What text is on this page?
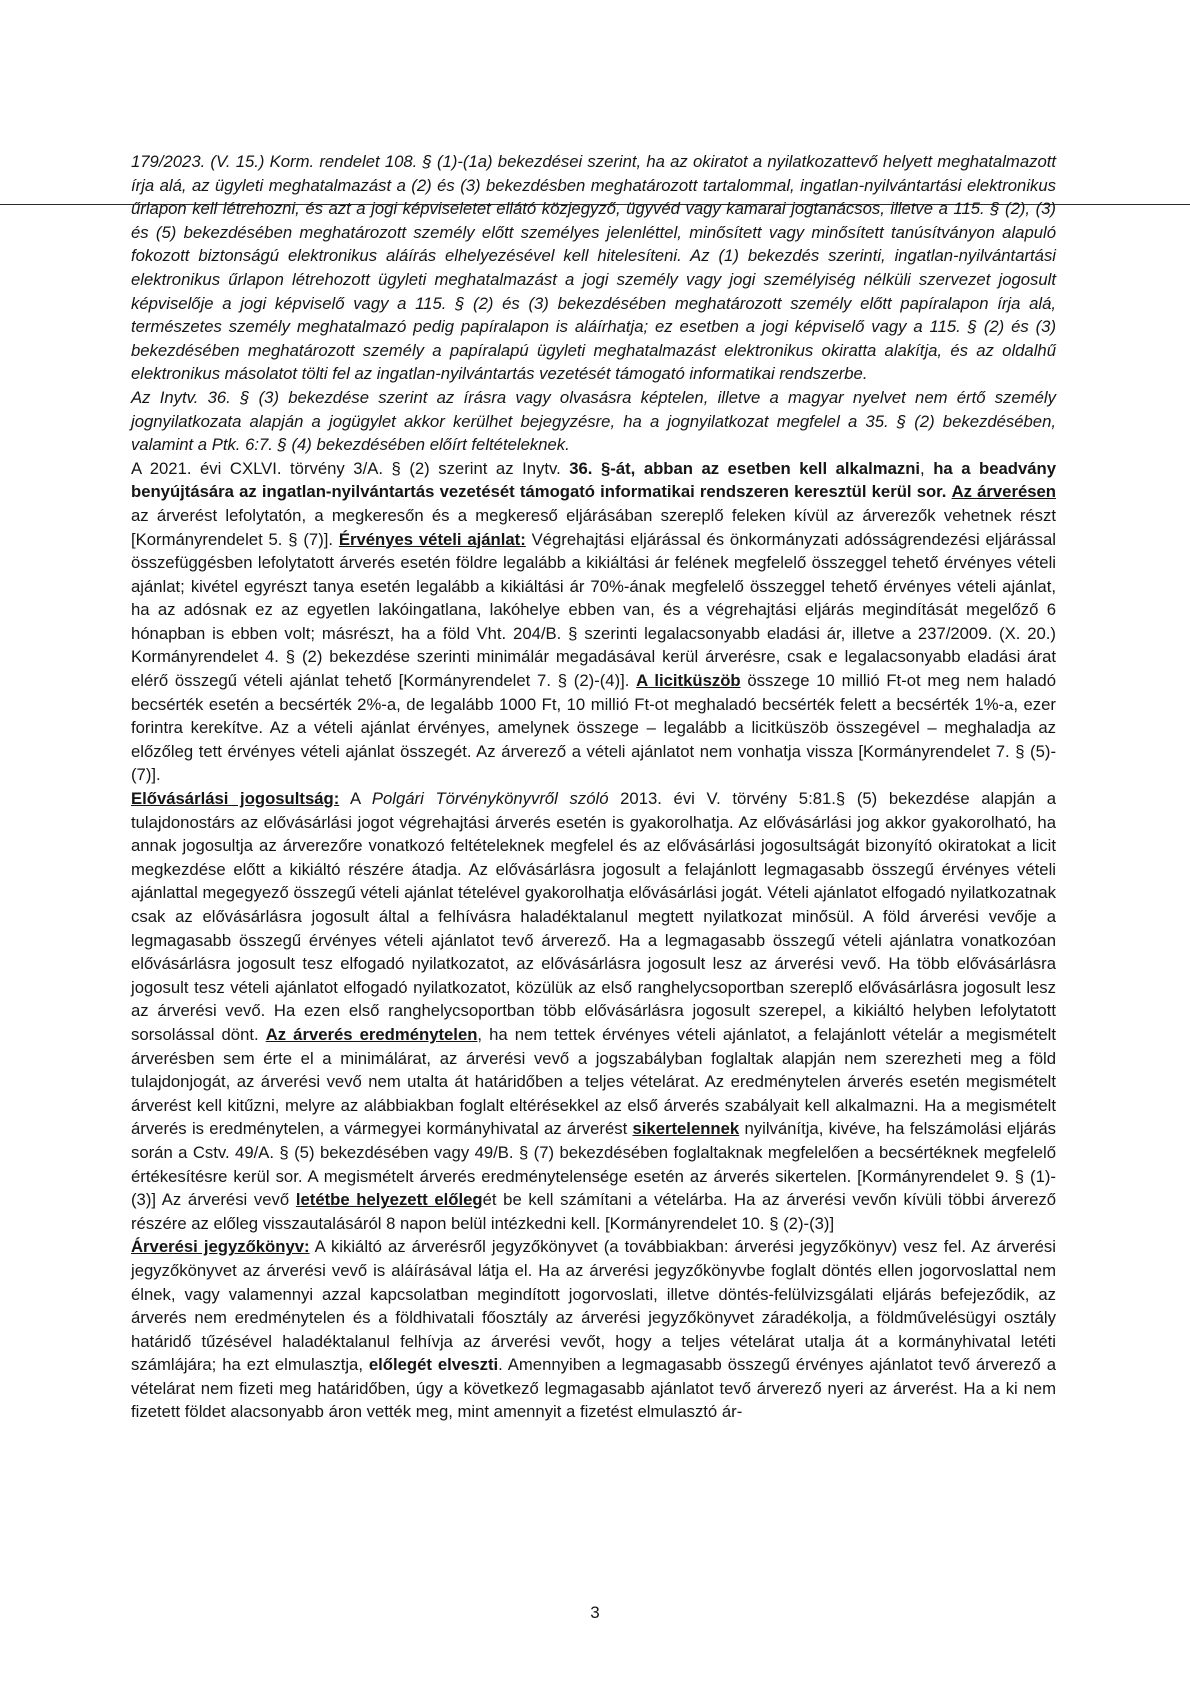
179/2023. (V. 15.) Korm. rendelet 108. § (1)-(1a) bekezdései szerint, ha az okiratot a nyilatkozattevő helyett meghatalmazott írja alá, az ügyleti meghatalmazást a (2) és (3) bekezdésben meghatározott tartalommal, ingatlan-nyilvántartási elektronikus űrlapon kell létrehozni, és azt a jogi képviseletet ellátó közjegyző, ügyvéd vagy kamarai jogtanácsos, illetve a 115. § (2), (3) és (5) bekezdésében meghatározott személy előtt személyes jelenléttel, minősített vagy minősített tanúsítványon alapuló fokozott biztonságú elektronikus aláírás elhelyezésével kell hitelesíteni. Az (1) bekezdés szerinti, ingatlan-nyilvántartási elektronikus űrlapon létrehozott ügyleti meghatalmazást a jogi személy vagy jogi személyiség nélküli szervezet jogosult képviselője a jogi képviselő vagy a 115. § (2) és (3) bekezdésében meghatározott személy előtt papíralapon írja alá, természetes személy meghatalmazó pedig papíralapon is aláírhatja; ez esetben a jogi képviselő vagy a 115. § (2) és (3) bekezdésében meghatározott személy a papíralapú ügyleti meghatalmazást elektronikus okiratta alakítja, és az oldalhű elektronikus másolatot tölti fel az ingatlan-nyilvántartás vezetését támogató informatikai rendszerbe.

Az Inytv. 36. § (3) bekezdése szerint az írásra vagy olvasásra képtelen, illetve a magyar nyelvet nem értő személy jognyilatkozata alapján a jogügylet akkor kerülhet bejegyzésre, ha a jognyilatkozat megfelel a 35. § (2) bekezdésében, valamint a Ptk. 6:7. § (4) bekezdésében előírt feltételeknek.

A 2021. évi CXLVI. törvény 3/A. § (2) szerint az Inytv. 36. §-át, abban az esetben kell alkalmazni, ha a beadvány benyújtására az ingatlan-nyilvántartás vezetését támogató informatikai rendszeren keresztül kerül sor. Az árverésen az árverést lefolytatón, a megkeresőn és a megkereső eljárásában szereplő feleken kívül az árverezők vehetnek részt [Kormányrendelet 5. § (7)]. Érvényes vételi ajánlat: Végrehajtási eljárással és önkormányzati adósságrendezési eljárással összefüggésben lefolytatott árverés esetén földre legalább a kikiáltási ár felének megfelelő összeggel tehető érvényes vételi ajánlat; kivétel egyrészt tanya esetén legalább a kikiáltási ár 70%-ának megfelelő összeggel tehető érvényes vételi ajánlat, ha az adósnak ez az egyetlen lakóingatlana, lakóhelye ebben van, és a végrehajtási eljárás megindítását megelőző 6 hónapban is ebben volt; másrészt, ha a föld Vht. 204/B. § szerinti legalacsonyabb eladási ár, illetve a 237/2009. (X. 20.) Kormányrendelet 4. § (2) bekezdése szerinti minimálár megadásával kerül árverésre, csak e legalacsonyabb eladási árat elérő összegű vételi ajánlat tehető [Kormányrendelet 7. § (2)-(4)]. A licitküszöb összege 10 millió Ft-ot meg nem haladó becsérték esetén a becsérték 2%-a, de legalább 1000 Ft, 10 millió Ft-ot meghaladó becsérték felett a becsérték 1%-a, ezer forintra kerekítve. Az a vételi ajánlat érvényes, amelynek összege – legalább a licitküszöb összegével – meghaladja az előzőleg tett érvényes vételi ajánlat összegét. Az árverező a vételi ajánlatot nem vonhatja vissza [Kormányrendelet 7. § (5)-(7)].

Elővásárlási jogosultság: A Polgári Törvénykönyvről szóló 2013. évi V. törvény 5:81.§ (5) bekezdése alapján a tulajdonostárs az elővásárlási jogot végrehajtási árverés esetén is gyakorolhatja. Az elővásárlási jog akkor gyakorolható, ha annak jogosultja az árverezőre vonatkozó feltételeknek megfelel és az elővásárlási jogosultságát bizonyító okiratokat a licit megkezdése előtt a kikiáltó részére átadja. Az elővásárlásra jogosult a felajánlott legmagasabb összegű érvényes vételi ajánlattal megegyező összegű vételi ajánlat tételével gyakorolhatja elővásárlási jogát. Vételi ajánlatot elfogadó nyilatkozatnak csak az elővásárlásra jogosult által a felhívásra haladéktalanul megtett nyilatkozat minősül. A föld árverési vevője a legmagasabb összegű érvényes vételi ajánlatot tevő árverező. Ha a legmagasabb összegű vételi ajánlatra vonatkozóan elővásárlásra jogosult tesz elfogadó nyilatkozatot, az elővásárlásra jogosult lesz az árverési vevő. Ha több elővásárlásra jogosult tesz vételi ajánlatot elfogadó nyilatkozatot, közülük az első ranghelycsoportban szereplő elővásárlásra jogosult lesz az árverési vevő. Ha ezen első ranghelycsoportban több elővásárlásra jogosult szerepel, a kikiáltó helyben lefolytatott sorsolással dönt. Az árverés eredménytelen, ha nem tettek érvényes vételi ajánlatot, a felajánlott vételár a megismételt árverésben sem érte el a minimálárat, az árverési vevő a jogszabályban foglaltak alapján nem szerezheti meg a föld tulajdonjogát, az árverési vevő nem utalta át határidőben a teljes vételárat. Az eredménytelen árverés esetén megismételt árverést kell kitűzni, melyre az alábbiakban foglalt eltérésekkel az első árverés szabályait kell alkalmazni. Ha a megismételt árverés is eredménytelen, a vármegyei kormányhivatal az árverést sikertelennek nyilvánítja, kivéve, ha felszámolási eljárás során a Cstv. 49/A. § (5) bekezdésében vagy 49/B. § (7) bekezdésében foglaltaknak megfelelően a becsértéknek megfelelő értékesítésre kerül sor. A megismételt árverés eredménytelensége esetén az árverés sikertelen. [Kormányrendelet 9. § (1)-(3)] Az árverési vevő letétbe helyezett előlegét be kell számítani a vételárba. Ha az árverési vevőn kívüli többi árverező részére az előleg visszautalásáról 8 napon belül intézkedni kell. [Kormányrendelet 10. § (2)-(3)]

Árverési jegyzőkönyv: A kikiáltó az árverésről jegyzőkönyvet (a továbbiakban: árverési jegyzőkönyv) vesz fel. Az árverési jegyzőkönyvet az árverési vevő is aláírásával látja el. Ha az árverési jegyzőkönyvbe foglalt döntés ellen jogorvoslattal nem élnek, vagy valamennyi azzal kapcsolatban megindított jogorvoslati, illetve döntés-felülvizsgálati eljárás befejeződik, az árverés nem eredménytelen és a földhivatali főosztály az árverési jegyzőkönyvet záradékolja, a földművelésügyi osztály határidő tűzésével haladéktalanul felhívja az árverési vevőt, hogy a teljes vételárat utalja át a kormányhivatal letéti számlájára; ha ezt elmulasztja, előlegét elveszti. Amennyiben a legmagasabb összegű érvényes ajánlatot tevő árverező a vételárat nem fizeti meg határidőben, úgy a következő legmagasabb ajánlatot tevő árverező nyeri az árverést. Ha a ki nem fizetett földet alacsonyabb áron vették meg, mint amennyit a fizetést elmulasztó ár-

3
